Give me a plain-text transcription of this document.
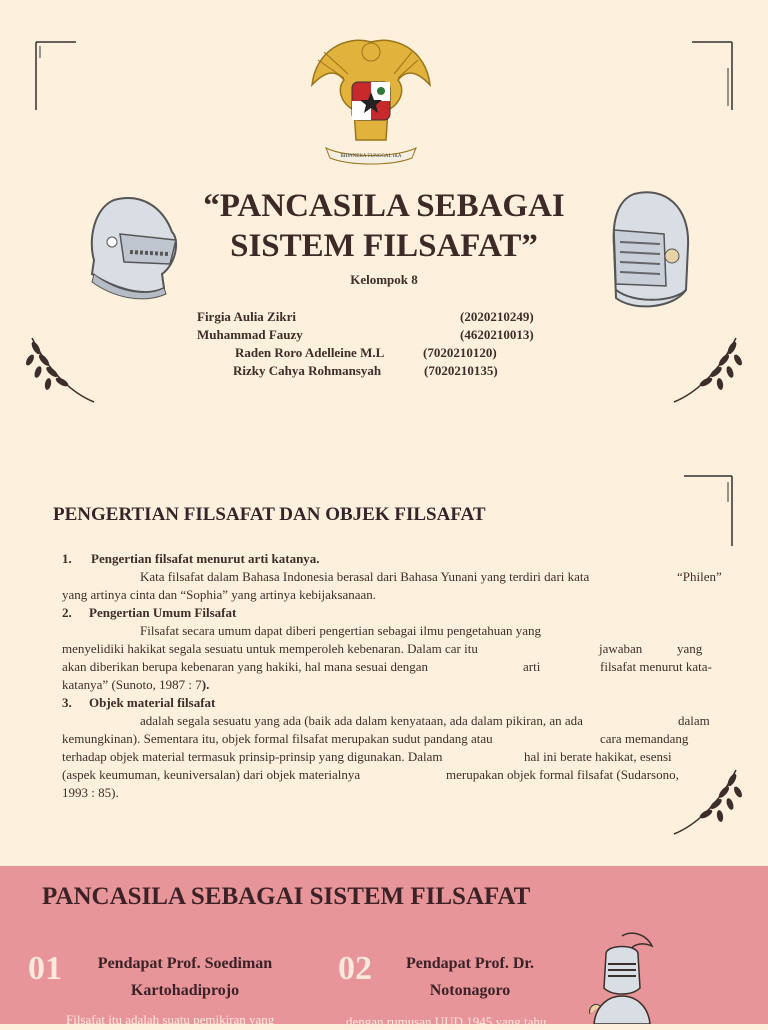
BHINNEKA TUNGGAL IKA
“PANCASILA SEBAGAI
SISTEM FILSAFAT”
Kelompok 8
Firgia Aulia Zikri	(2020210249)
Muhammad Fauzy	(4620210013)
Raden Roro Adelleine M.L	(7020210120)
Rizky Cahya Rohmansyah	(7020210135)
PENGERTIAN FILSAFAT DAN OBJEK FILSAFAT
1. Pengertian filsafat menurut arti katanya.
Kata filsafat dalam Bahasa Indonesia berasal dari Bahasa Yunani yang terdiri dari kata	“Philen”
yang artinya cinta dan “Sophia” yang artinya kebijaksanaan.
2. Pengertian Umum Filsafat
Filsafat secara umum dapat diberi pengertian sebagai ilmu pengetahuan yang
menyelidiki hakikat segala sesuatu untuk memperoleh kebenaran. Dalam car itu	jawaban	yang
akan diberikan berupa kebenaran yang hakiki, hal mana sesuai dengan	arti	filsafat menurut kata-
katanya” (Sunoto, 1987 : 7).
3. Objek material filsafat
adalah segala sesuatu yang ada (baik ada dalam kenyataan, ada dalam pikiran, an ada	dalam
kemungkinan). Sementara itu, objek formal filsafat merupakan sudut pandang atau	cara memandang
terhadap objek material termasuk prinsip-prinsip yang digunakan. Dalam	hal ini berate hakikat, esensi
(aspek keumuman, keuniversalan) dari objek materialnya	merupakan objek formal filsafat (Sudarsono,
1993 : 85).
PANCASILA SEBAGAI SISTEM FILSAFAT
01	Pendapat Prof. Soediman
Kartohadiprojo
Filsafat itu adalah suatu pemikiran yang
02	Pendapat Prof. Dr.
Notonagoro
dengan rumusan UUD 1945 yang tahu
